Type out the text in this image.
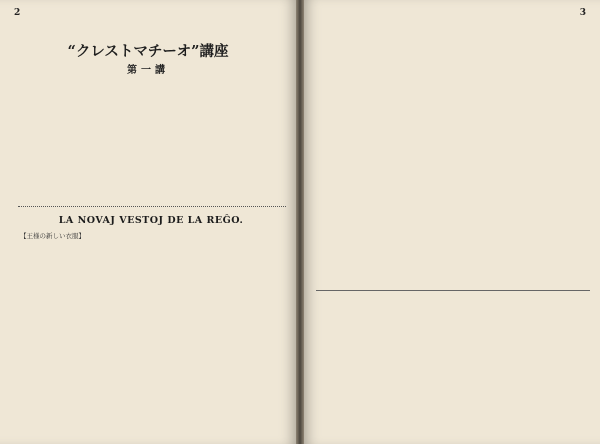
2
“クレストマチーオ”講座
第一講
LA NOVAJ VESTOJ DE LA REĜO.
【王様の新しい衣服】
3
